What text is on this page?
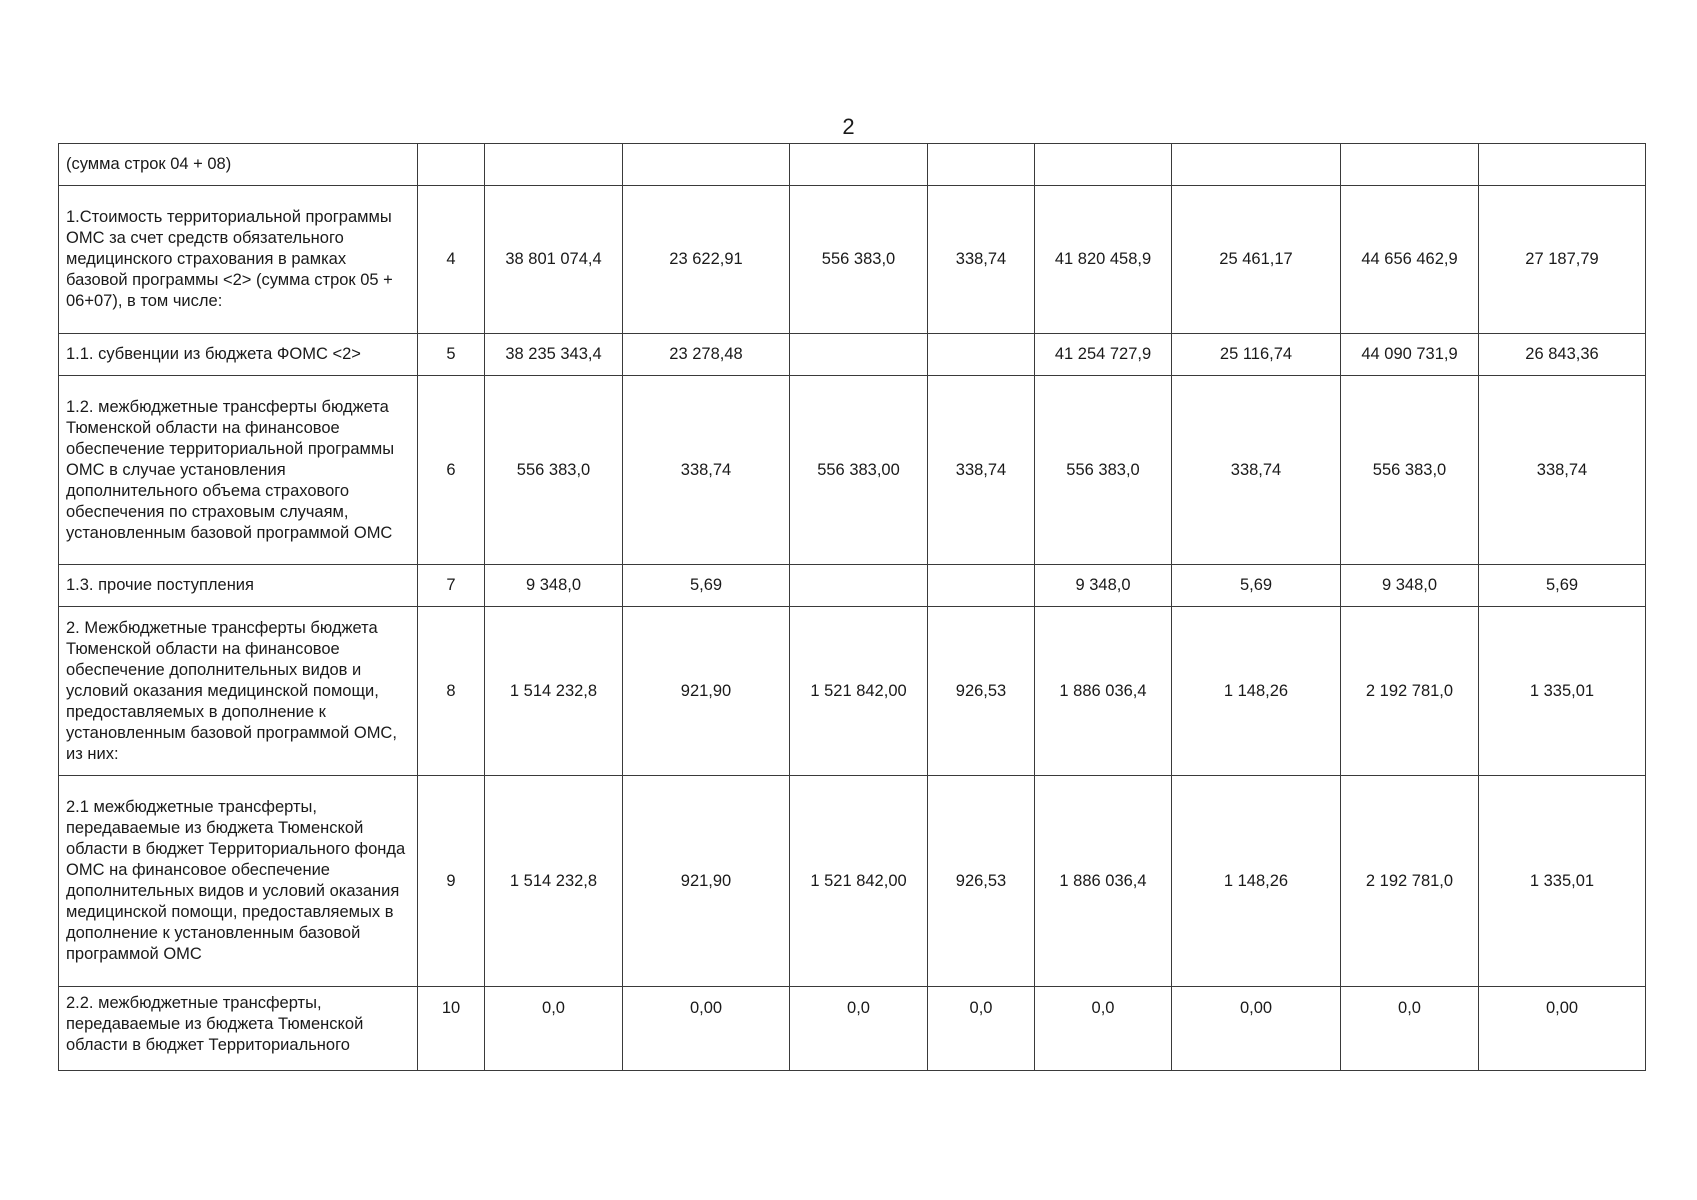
2
(сумма строк 04 + 08)									
1.Стоимость территориальной программы ОМС за счет средств обязательного медицинского страхования в рамках базовой программы <2> (сумма строк 05 + 06+07), в том числе:	4	38 801 074,4	23 622,91	556 383,0	338,74	41 820 458,9	25 461,17	44 656 462,9	27 187,79
1.1. субвенции из бюджета ФОМС <2>	5	38 235 343,4	23 278,48			41 254 727,9	25 116,74	44 090 731,9	26 843,36
1.2. межбюджетные трансферты бюджета Тюменской области на финансовое обеспечение территориальной программы ОМС в случае установления дополнительного объема страхового обеспечения по страховым случаям, установленным базовой программой ОМС	6	556 383,0	338,74	556 383,00	338,74	556 383,0	338,74	556 383,0	338,74
1.3. прочие поступления	7	9 348,0	5,69			9 348,0	5,69	9 348,0	5,69
2. Межбюджетные трансферты бюджета Тюменской области на финансовое обеспечение дополнительных видов и условий оказания медицинской помощи, предоставляемых в дополнение к установленным базовой программой ОМС, из них:	8	1 514 232,8	921,90	1 521 842,00	926,53	1 886 036,4	1 148,26	2 192 781,0	1 335,01
2.1 межбюджетные трансферты, передаваемые из бюджета Тюменской области в бюджет Территориального фонда ОМС на финансовое обеспечение дополнительных видов и условий оказания медицинской помощи, предоставляемых в дополнение к установленным базовой программой ОМС	9	1 514 232,8	921,90	1 521 842,00	926,53	1 886 036,4	1 148,26	2 192 781,0	1 335,01
2.2. межбюджетные трансферты, передаваемые из бюджета Тюменской области в бюджет Территориального	10	0,0	0,00	0,0	0,0	0,0	0,00	0,0	0,00
